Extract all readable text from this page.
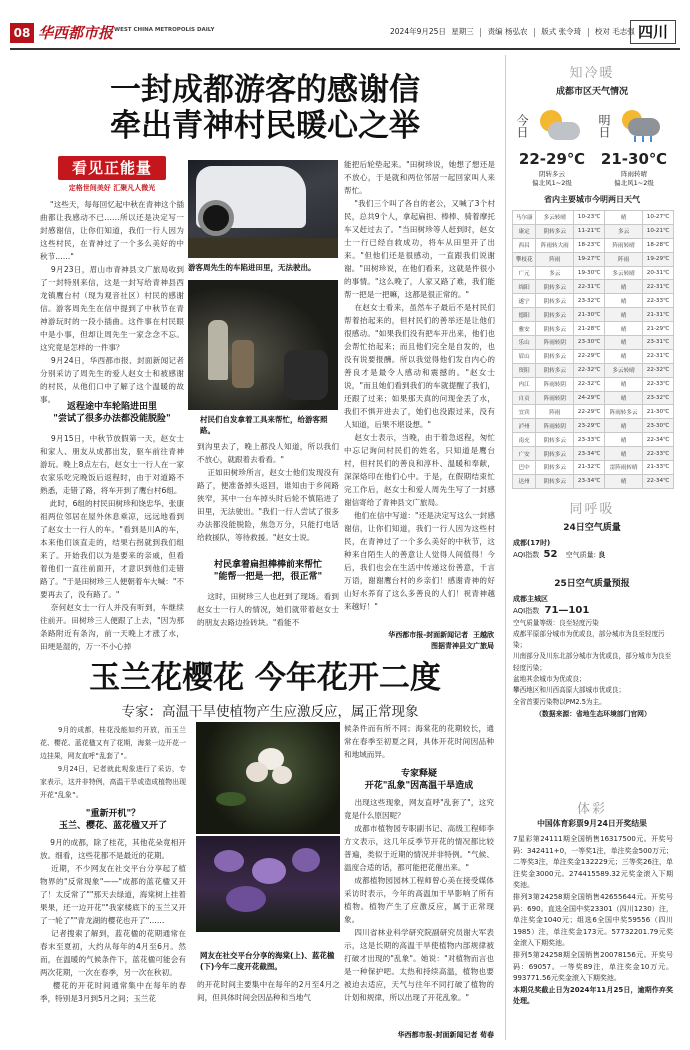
08 华西都市报 WEST CHINA METROPOLIS DAILY	2024年9月25日 星期三 责编 杨弘农 版式 张令琦 校对 毛志强 四川
一封成都游客的感谢信
牵出青神村民暖心之举
看见正能量
定格世间美好 汇聚凡人微光
"这些天，每每回忆起中秋在青神这个插曲都让我感动不已……所以还是决定写一封感谢信，让你们知道，我们一行人因为这些村民，在青神过了一个多么美好的中秋节……"
9月23日，眉山市青神县文广旅局收到了一封特别来信，这是一封写给青神县西龙镇鹰台村（现为观音社区）村民的感谢信。游客周先生在信中提到了中秋节在青神游玩时的一段小插曲。这件事在村民眼中是小事，但却让周先生一家念念不忘。这究竟是怎样的一件事？
9月24日，华西都市报、封面新闻记者分别采访了周先生的爱人赵女士和被感谢的村民，从他们口中了解了这个温暖的故事。
返程途中车轮陷进田里
"尝试了很多办法都没能脱险"
9月15日，中秋节放假第一天，赵女士和家人、朋友从成都出发，驱车前往青神游玩。晚上8点左右，赵女士一行人在一家农家乐吃完晚饭后返程时，由于对道路不熟悉，走错了路，将车开到了鹰台村6组。
此时，6组的村民田树珍和饶忠华、张康祖两位邻居在屋外休息乘凉，远远地看到了赵女士一行人的车。"看到是川A的车，本来他们该直走的，结果右拐就到我们组来了。开始我们以为是要来的亲戚，但看着他们一直往前面开，才意识到他们走错路了。"于是田树珍三人便朝着车大喊："不要再去了，没有路了。"
奈何赵女士一行人并没有听到，车继续往前开。田树珍三人便跟了上去，"因为那条路附近有条沟，前一天晚上才涨了水，田埂是湿的，万一不小心掉
游客周先生的车陷进田里，无法驶出。
村民们自发拿着工具来帮忙，给游客照路。
到沟里去了，晚上都没人知道，所以我们不放心，就跟着去看看。"
正如田树珍所言，赵女士他们发现没有路了，便准备掉头返回，谁知由于乡间路狭窄，其中一台车掉头时后轮不慎陷进了田里，无法驶出。"我们一行人尝试了很多办法都没能脱险，焦急万分，只能打电话给救援队，等待救援。"赵女士说。
村民拿着扁担棒棒前来帮忙
"能帮一把是一把，很正常"
这时，田树珍三人也赶到了现场。看到赵女士一行人的情况，她们就带着赵女士的朋友去路边捡砖块。"看能不
能把后轮垫起来。"田树珍说，她想了想还是不放心，于是就和两位邻居一起回家叫人来帮忙。
"我们三个叫了各自的老公，又喊了3个村民，总共9个人，拿起扁担、棒棒、骑着摩托车又赶过去了。"当田树珍等人赶到时，赵女士一行已经自救成功，将车从田里开了出来。"但他们还是很感动，一直跟我们说谢谢。"田树珍说，在他们看来，这就是件很小的事情。"这么晚了，人家又路了难，我们能帮一把是一把嘛，这都是很正常的。"
在赵女士看来，虽然车子最后不是村民们帮着抬起来的，但村民们的善举还是让他们很感动。"如果我们没有把车开出来，他们也会帮忙抬起来；而且他们完全是自发的，也没有说要报酬。所以我觉得他们发自内心的善良才是最令人感动和震撼的。"赵女士说，"而且她们看到我们的车就提醒了我们，还跟了过来；如果那天真的问现金丢了水，我们不惧开进去了，她们也没跟过来，没有人知道，后果不堪设想。"
赵女士表示，当晚，由于着急返程，匆忙中忘记询问村民们的姓名，只知道是鹰台村，但村民们的善良和淳朴、温暖和奉献，深深烙印在他们心中。于是，在假期结束忙完工作后，赵女士和爱人周先生写了一封感谢信寄给了青神县文广旅局。
他们在信中写道："还是决定写这么一封感谢信，让你们知道，我们一行人因为这些村民，在青神过了一个多么美好的中秋节，这种来自陌生人的善意让人觉得人间值得！今后，我们也会在生活中传递这份善意，千言万语，谢谢鹰台村的乡亲们！感谢青神的好山好水养育了这么多善良的人们！祝青神越来越好！"
华西都市报-封面新闻记者  王越欣
图据青神县文广旅局
知冷暖
成都市区天气情况
今日
22-29℃
阴转多云
偏北风1~2级
明日
21-30℃
阵雨转晴
偏北风1~2级
省内主要城市今明两日天气
马尔康	多云转晴	10-23℃	晴	10-27℃
康定	阴转多云	11-21℃	多云	10-21℃
西昌	阵雨转大雨	18-23℃	阵雨转晴	18-28℃
攀枝花	阵雨	19-27℃	阵雨	19-29℃
广元	多云	19-30℃	多云转晴	20-31℃
绵阳	阴转多云	22-31℃	晴	22-31℃
遂宁	阴转多云	23-32℃	晴	22-33℃
德阳	阴转多云	21-30℃	晴	21-31℃
雅安	阴转多云	21-28℃	晴	21-29℃
乐山	阵雨转阴	23-30℃	晴	23-31℃
眉山	阴转多云	22-29℃	晴	22-31℃
资阳	阴转多云	22-32℃	多云转晴	22-32℃
内江	阵雨转阴	22-32℃	晴	22-33℃
自贡	阵雨转阴	24-29℃	晴	23-32℃
宜宾	阵雨	22-29℃	阵雨转多云	21-30℃
泸州	阵雨转阴	23-29℃	晴	23-30℃
南充	阴转多云	23-33℃	晴	22-34℃
广安	阴转多云	23-34℃	晴	22-33℃
巴中	阴转多云	21-32℃	雷阵雨转晴	21-33℃
达州	阴转多云	23-34℃	晴	22-34℃
同呼吸
24日空气质量
成都(17时)
AQI指数 52 空气质量: 良
25日空气质量预报
成都主城区
AQI指数 71—101
空气质量等级：良至轻度污染
成都平原部分城市为优或良，部分城市为良至轻度污染；
川南部分及川东北部分城市为优或良，部分城市为良至轻度污染；
盆地其余城市为优或良；
攀西地区和川西高原大部城市优或良；
全省首要污染物以PM2.5为主。
（数据来源：省地生态环境部门官网）
体彩
中国体育彩票9月24日开奖结果
7星彩第24111期全国销售16317500元。开奖号码：342411+0，一等奖1注，单注奖金500万元；二等奖3注，单注奖金132229元；三等奖26注，单注奖金3000元。274415589.32元奖金滚入下期奖池。
排列3第24258期全国销售42655644元。开奖号码：690。直选全国中奖23301（四川1230）注，单注奖金1040元；组选6全国中奖59556（四川1985）注，单注奖金173元。57732201.79元奖金滚入下期奖池。
排列5第24258期全国销售20078156元。开奖号码：69057。一等奖89注，单注奖金10万元。993771.56元奖金滚入下期奖池。
本期兑奖截止日为2024年11月25日，逾期作弃奖处理。
玉兰花樱花 今年花开二度
专家：高温干旱使植物产生应激反应，属正常现象
9月的成都，桂花没能如约开放，而玉兰花、樱花、蓝花楹又有了花期，海棠一边开花一边挂果，网友直呼"乱套了"。
9月24日，记者就此观象进行了采访，专家表示，这并非特例，高温干旱或造成植物出现开花"乱象"。
"重新开机"？
玉兰、樱花、蓝花楹又开了
9月的成都，除了桂花，其他花朵竟相开放。细看，这些花都不是最近的花期。
近期，不少网友在社交平台分享起了植物界的"反常现象"——"成都的蓝花楹又开了！太反常了""那天去绿道，海棠树上挂着果果，还一边开花""我家楼底下的玉兰又开了一轮了""青龙湖的樱花也开了"……
记者搜索了解到，蓝花楹的花期通常在春末至夏初，大约从每年的4月至6月。然而，在温暖的气候条件下，蓝花楹可能会有两次花期，一次在春季，另一次在秋初。
樱花的开花时间通常集中在每年的春季，特别是3月到5月之间；玉兰花
网友在社交平台分享的海棠(上)、蓝花楹(下)今年二度开花截图。
的开花时间主要集中在每年的2月至4月之间，但具体时间会因品种和当地气
候条件而有所不同；海棠花的花期较长，通常在春季至初夏之间，具体开花时间因品种和地域而异。
专家释疑
开花"乱象"因高温干旱造成
出现这些现象，网友直呼"乱套了"，这究竟是什么原因呢？
成都市植物园专职副书记、高级工程师李方文表示，这几年反季节开花的情况都比较普遍，类似于近期的情况并非特例。"气候、温度合适的话，都可能把花催出来。"
成都植物园园林工程师曾心美在接受媒体采访时表示，今年的高温加干旱影响了所有植物。植物产生了应激反应，属于正常现象。
四川省林业科学研究院副研究员谢大军表示，这是长期的高温干旱使植物内部规律被打破才出现的"乱象"。她说："对植物而言也是一种保护吧。太热和持续高温，植物也要被迫去适应，天气与往年不同打破了植物的计划和规律，所以出现了开花乱象。"
华西都市报-封面新闻记者 荀春
